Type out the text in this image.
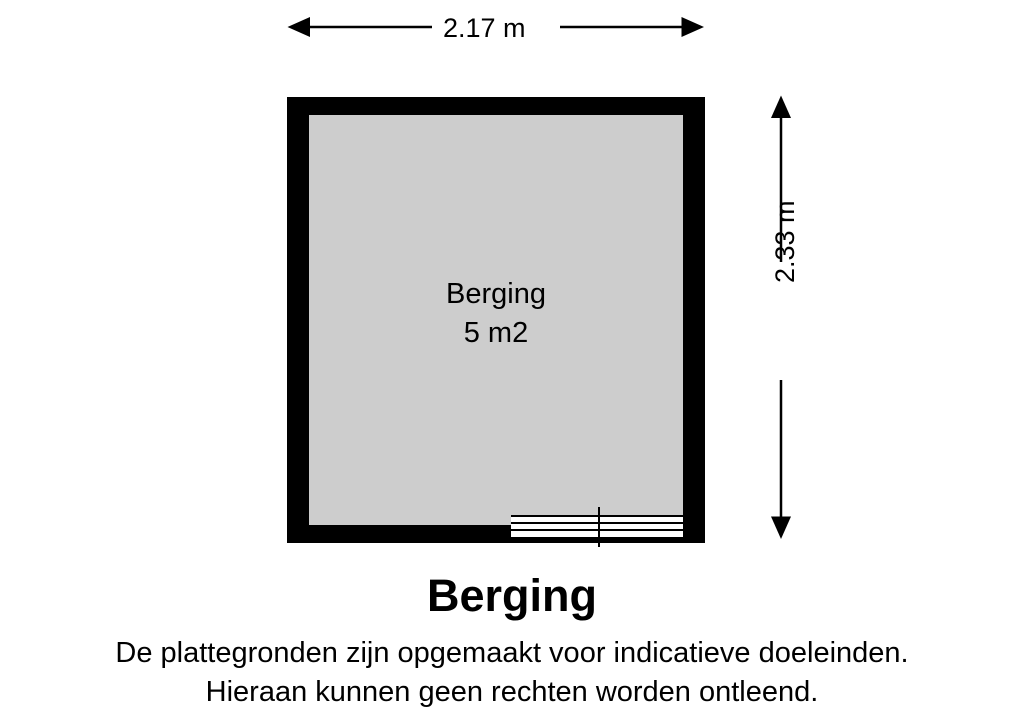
2.17 m
2.33 m
Berging
5 m2
Berging
De plattegronden zijn opgemaakt voor indicatieve doeleinden.
Hieraan kunnen geen rechten worden ontleend.
